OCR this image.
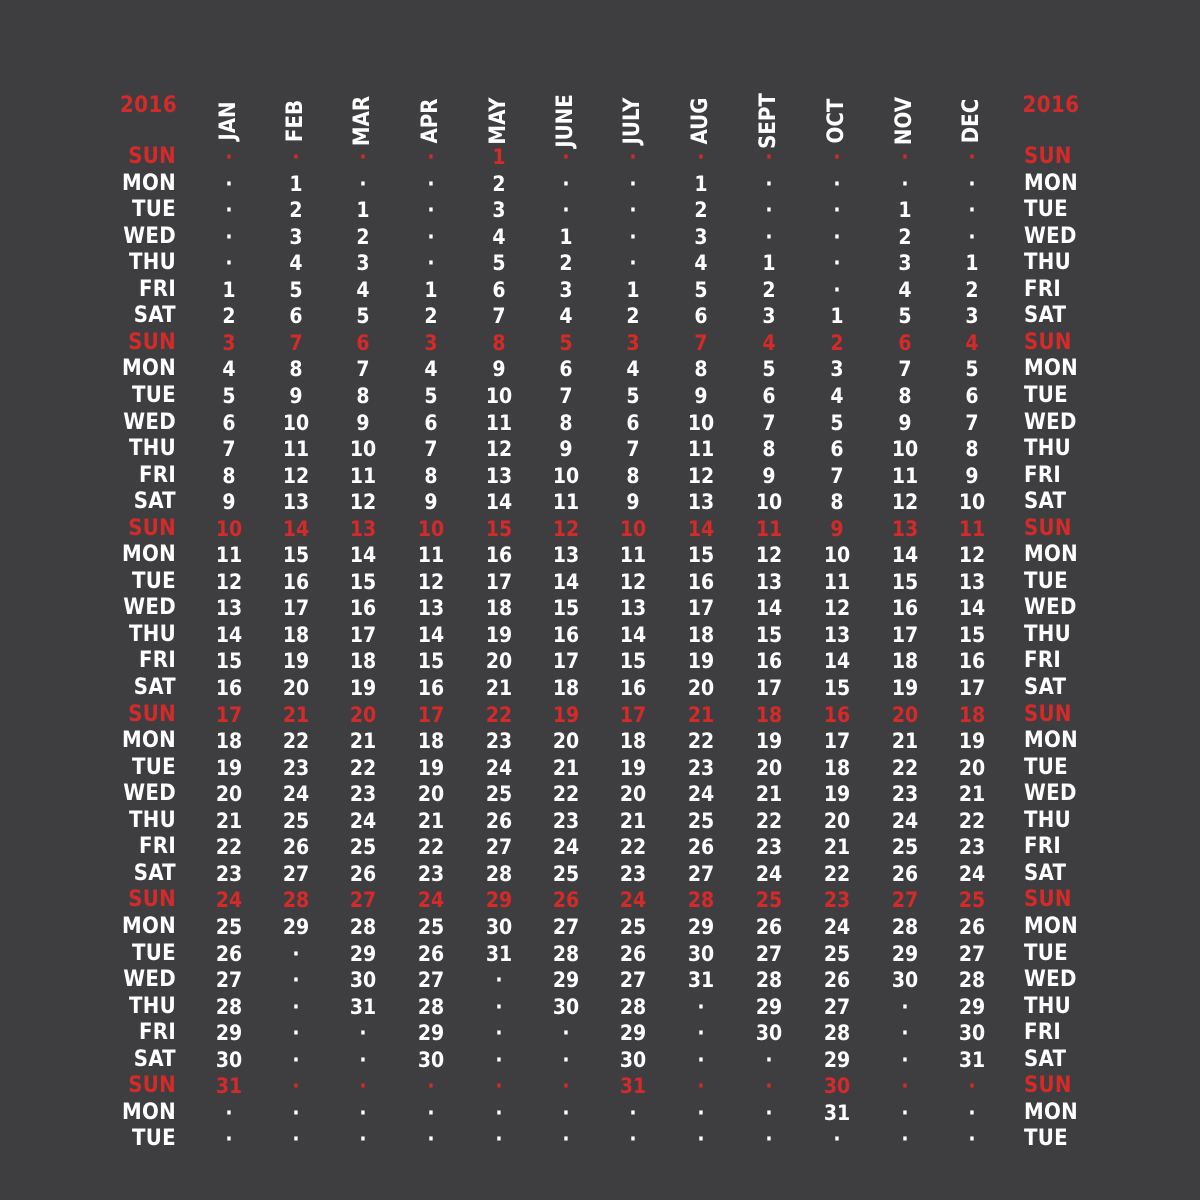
2016	2016
JAN FEB MAR APR MAY JUNE JULY AUG SEPT OCT NOV DEC
SUN	·	·	·	·	1	·	·	·	·	·	·	·	SUN
MON	·	1	·	·	2	·	·	1	·	·	·	·	MON
TUE	·	2	1	·	3	·	·	2	·	·	1	·	TUE
WED	·	3	2	·	4	1	·	3	·	·	2	·	WED
THU	·	4	3	·	5	2	·	4	1	·	3	1	THU
FRI	1	5	4	1	6	3	1	5	2	·	4	2	FRI
SAT	2	6	5	2	7	4	2	6	3	1	5	3	SAT
SUN	3	7	6	3	8	5	3	7	4	2	6	4	SUN
MON	4	8	7	4	9	6	4	8	5	3	7	5	MON
TUE	5	9	8	5	10	7	5	9	6	4	8	6	TUE
WED	6	10	9	6	11	8	6	10	7	5	9	7	WED
THU	7	11	10	7	12	9	7	11	8	6	10	8	THU
FRI	8	12	11	8	13	10	8	12	9	7	11	9	FRI
SAT	9	13	12	9	14	11	9	13	10	8	12	10	SAT
SUN	10	14	13	10	15	12	10	14	11	9	13	11	SUN
MON	11	15	14	11	16	13	11	15	12	10	14	12	MON
TUE	12	16	15	12	17	14	12	16	13	11	15	13	TUE
WED	13	17	16	13	18	15	13	17	14	12	16	14	WED
THU	14	18	17	14	19	16	14	18	15	13	17	15	THU
FRI	15	19	18	15	20	17	15	19	16	14	18	16	FRI
SAT	16	20	19	16	21	18	16	20	17	15	19	17	SAT
SUN	17	21	20	17	22	19	17	21	18	16	20	18	SUN
MON	18	22	21	18	23	20	18	22	19	17	21	19	MON
TUE	19	23	22	19	24	21	19	23	20	18	22	20	TUE
WED	20	24	23	20	25	22	20	24	21	19	23	21	WED
THU	21	25	24	21	26	23	21	25	22	20	24	22	THU
FRI	22	26	25	22	27	24	22	26	23	21	25	23	FRI
SAT	23	27	26	23	28	25	23	27	24	22	26	24	SAT
SUN	24	28	27	24	29	26	24	28	25	23	27	25	SUN
MON	25	29	28	25	30	27	25	29	26	24	28	26	MON
TUE	26	·	29	26	31	28	26	30	27	25	29	27	TUE
WED	27	·	30	27	·	29	27	31	28	26	30	28	WED
THU	28	·	31	28	·	30	28	·	29	27	·	29	THU
FRI	29	·	·	29	·	·	29	·	30	28	·	30	FRI
SAT	30	·	·	30	·	·	30	·	·	29	·	31	SAT
SUN	31	·	·	·	·	·	31	·	·	30	·	·	SUN
MON	·	·	·	·	·	·	·	·	·	31	·	·	MON
TUE	·	·	·	·	·	·	·	·	·	·	·	·	TUE
